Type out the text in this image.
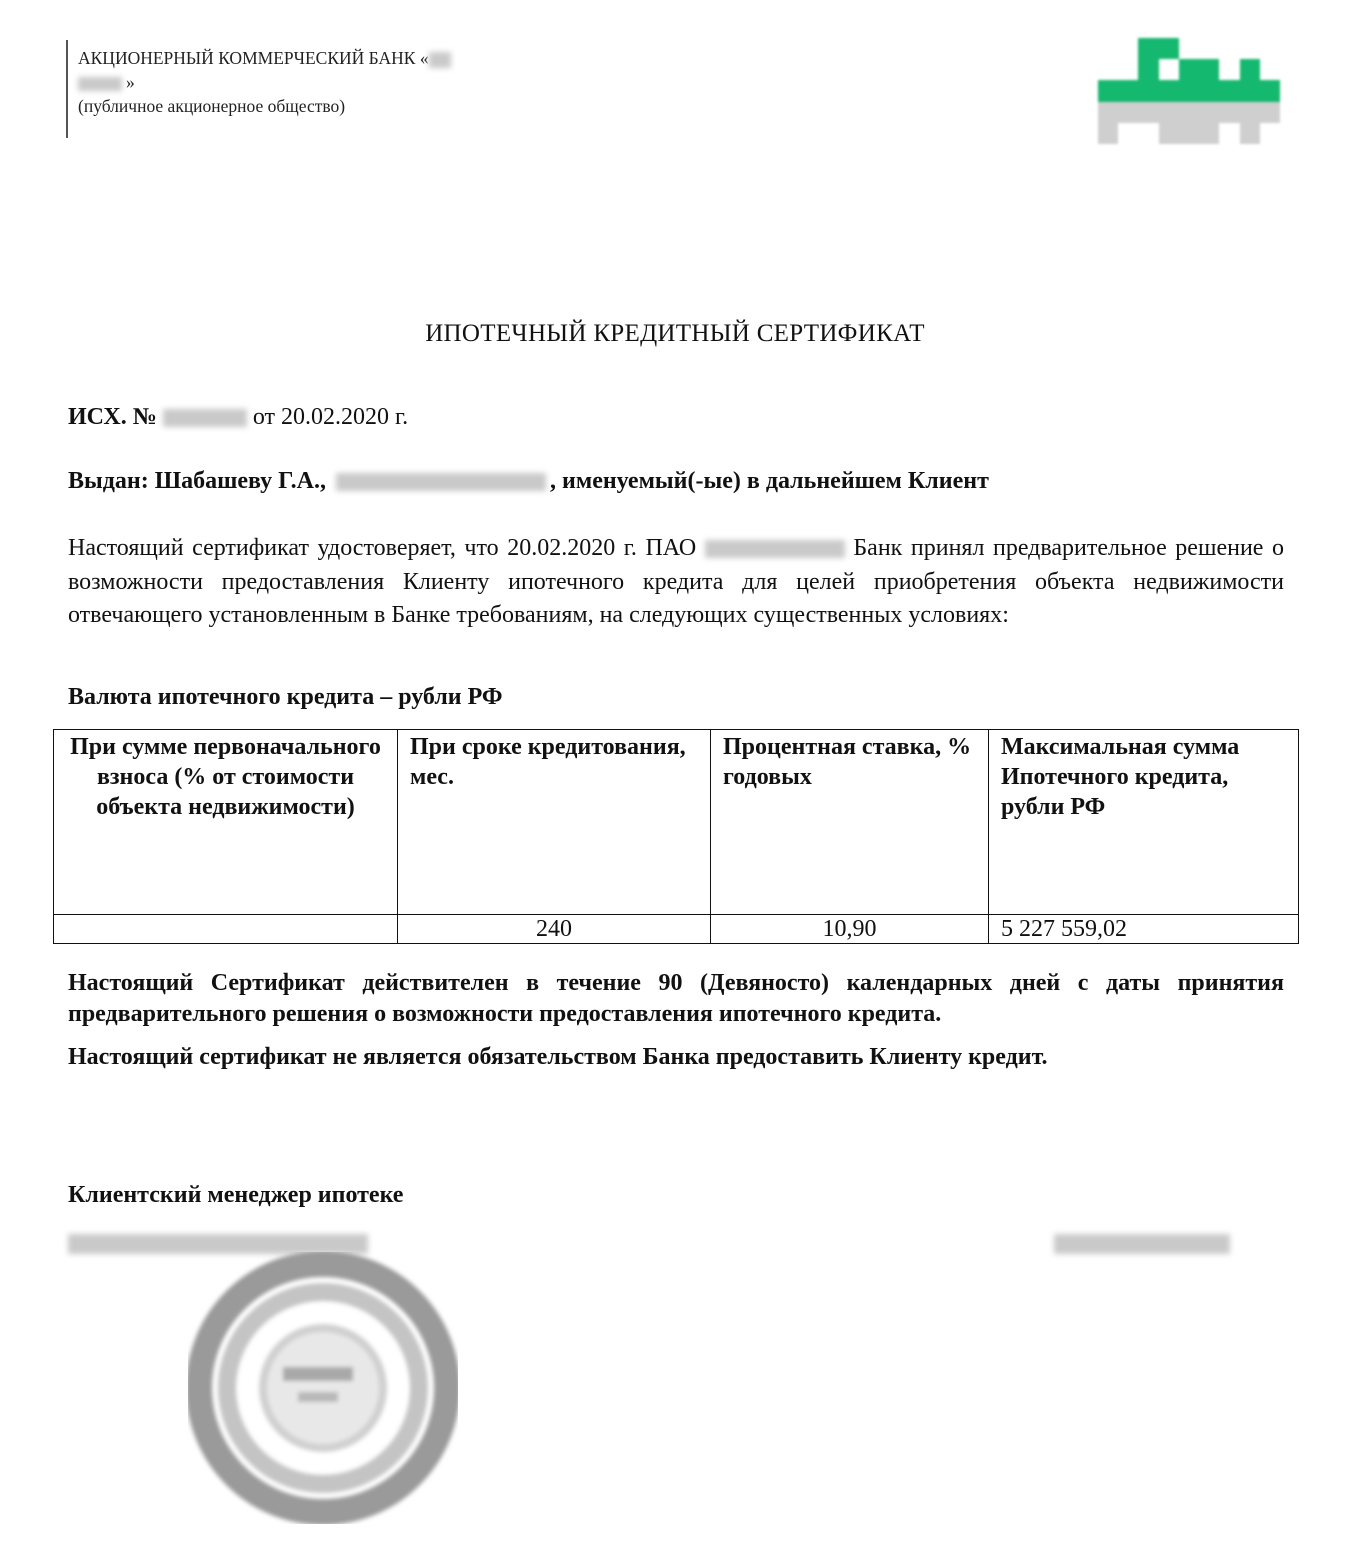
АКЦИОНЕРНЫЙ КОММЕРЧЕСКИЙ БАНК «
»
(публичное акционерное общество)
ИПОТЕЧНЫЙ КРЕДИТНЫЙ СЕРТИФИКАТ
ИСХ. №	от 20.02.2020 г.
Выдан: Шабашеву Г.А.,	, именуемый(-ые) в дальнейшем Клиент
Настоящий сертификат удостоверяет, что 20.02.2020 г. ПАО	Банк принял предварительное решение о возможности предоставления Клиенту ипотечного кредита для целей приобретения объекта недвижимости отвечающего установленным в Банке требованиям, на следующих существенных условиях:
Валюта ипотечного кредита – рубли РФ
При сумме первоначального взноса (% от стоимости объекта недвижимости)	При сроке кредитования, мес.	Процентная ставка, % годовых	Максимальная сумма Ипотечного кредита, рубли РФ
	240	10,90	5 227 559,02
Настоящий Сертификат действителен в течение 90 (Девяносто) календарных дней с даты принятия предварительного решения о возможности предоставления ипотечного кредита.
Настоящий сертификат не является обязательством Банка предоставить Клиенту кредит.
Клиентский менеджер ипотеке
